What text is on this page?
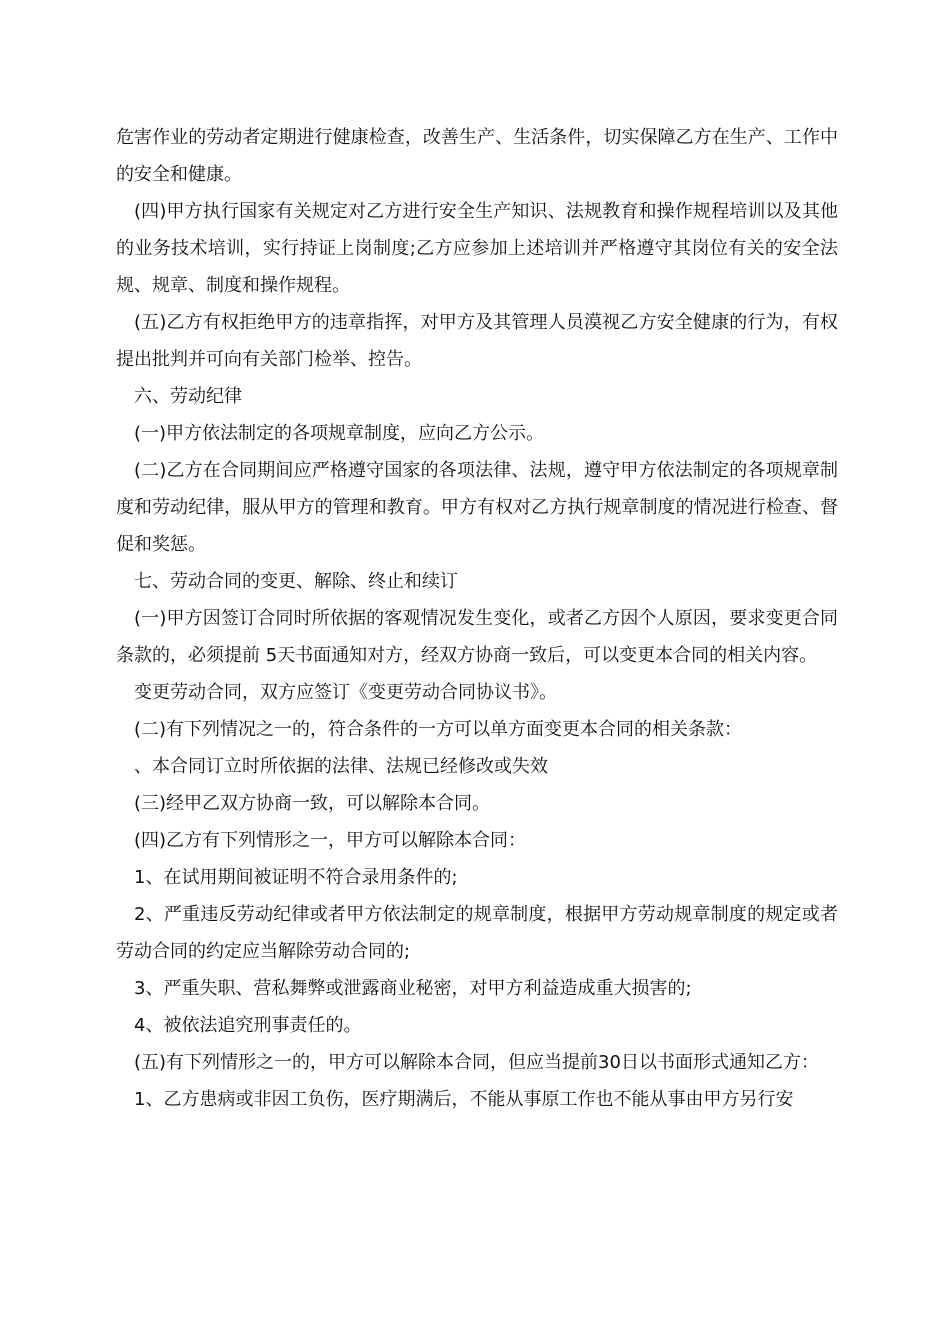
危害作业的劳动者定期进行健康检查，改善生产、生活条件，切实保障乙方在生产、工作中的安全和健康。

(四)甲方执行国家有关规定对乙方进行安全生产知识、法规教育和操作规程培训以及其他的业务技术培训，实行持证上岗制度;乙方应参加上述培训并严格遵守其岗位有关的安全法规、规章、制度和操作规程。

(五)乙方有权拒绝甲方的违章指挥，对甲方及其管理人员漠视乙方安全健康的行为，有权提出批判并可向有关部门检举、控告。

六、劳动纪律

(一)甲方依法制定的各项规章制度，应向乙方公示。

(二)乙方在合同期间应严格遵守国家的各项法律、法规，遵守甲方依法制定的各项规章制度和劳动纪律，服从甲方的管理和教育。甲方有权对乙方执行规章制度的情况进行检查、督促和奖惩。

七、劳动合同的变更、解除、终止和续订

(一)甲方因签订合同时所依据的客观情况发生变化，或者乙方因个人原因，要求变更合同条款的，必须提前 5天书面通知对方，经双方协商一致后，可以变更本合同的相关内容。

变更劳动合同，双方应签订《变更劳动合同协议书》。

(二)有下列情况之一的，符合条件的一方可以单方面变更本合同的相关条款：

、本合同订立时所依据的法律、法规已经修改或失效

(三)经甲乙双方协商一致，可以解除本合同。

(四)乙方有下列情形之一，甲方可以解除本合同：

1、在试用期间被证明不符合录用条件的;

2、严重违反劳动纪律或者甲方依法制定的规章制度，根据甲方劳动规章制度的规定或者劳动合同的约定应当解除劳动合同的;

3、严重失职、营私舞弊或泄露商业秘密，对甲方利益造成重大损害的;

4、被依法追究刑事责任的。

(五)有下列情形之一的，甲方可以解除本合同，但应当提前30日以书面形式通知乙方：

1、乙方患病或非因工负伤，医疗期满后，不能从事原工作也不能从事由甲方另行安
